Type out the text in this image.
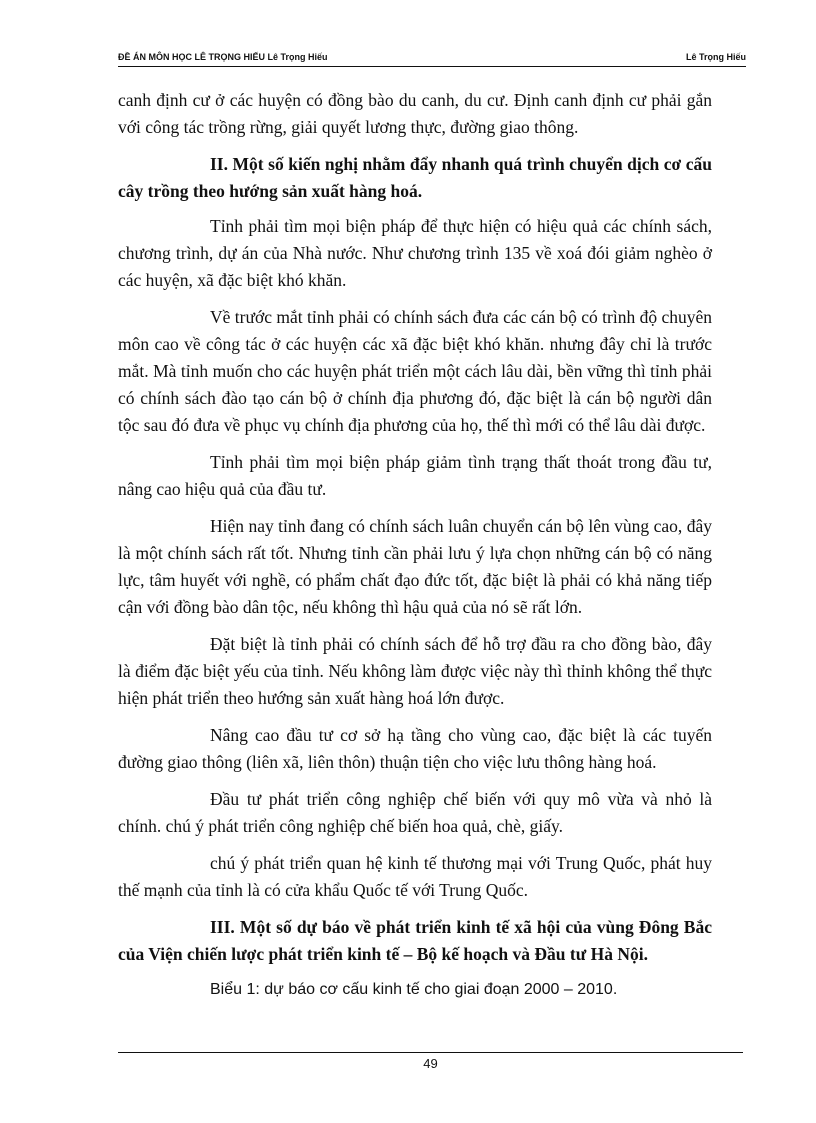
ĐỀ ÁN MÔN HỌC LÊ TRỌNG HIẾU Lê Trọng Hiếu	Lê Trọng Hiếu

canh định cư ở các huyện có đồng bào du canh, du cư. Định canh định cư phải gắn với công tác trồng rừng, giải quyết lương thực, đường giao thông.

II. Một số kiến nghị nhằm đẩy nhanh quá trình chuyển dịch cơ cấu cây trồng theo hướng sản xuất hàng hoá.

Tỉnh phải tìm mọi biện pháp để thực hiện có hiệu quả các chính sách, chương trình, dự án của Nhà nước. Như chương trình 135 về xoá đói giảm nghèo ở các huyện, xã đặc biệt khó khăn.

Về trước mắt tỉnh phải có chính sách đưa các cán bộ có trình độ chuyên môn cao về công tác ở các huyện các xã đặc biệt khó khăn. nhưng đây chỉ là trước mắt. Mà tỉnh muốn cho các huyện phát triển một cách lâu dài, bền vững thì tỉnh phải có chính sách đào tạo cán bộ ở chính địa phương đó, đặc biệt là cán bộ người dân tộc sau đó đưa về phục vụ chính địa phương của họ, thế thì mới có thể lâu dài được.

Tỉnh phải tìm mọi biện pháp giảm tình trạng thất thoát trong đầu tư, nâng cao hiệu quả của đầu tư.

Hiện nay tỉnh đang có chính sách luân chuyển cán bộ lên vùng cao, đây là một chính sách rất tốt. Nhưng tỉnh cần phải lưu ý lựa chọn những cán bộ có năng lực, tâm huyết với nghề, có phẩm chất đạo đức tốt, đặc biệt là phải có khả năng tiếp cận với đồng bào dân tộc, nếu không thì hậu quả của nó sẽ rất lớn.

Đặt biệt là tỉnh phải có chính sách để hỗ trợ đầu ra cho đồng bào, đây là điểm đặc biệt yếu của tỉnh. Nếu không làm được việc này thì thỉnh không thể thực hiện phát triển theo hướng sản xuất hàng hoá lớn được.

Nâng cao đầu tư cơ sở hạ tầng cho vùng cao, đặc biệt là các tuyến đường giao thông (liên xã, liên thôn) thuận tiện cho việc lưu thông hàng hoá.

Đầu tư phát triển công nghiệp chế biến với quy mô vừa và nhỏ là chính. chú ý phát triển công nghiệp chế biến hoa quả, chè, giấy.

chú ý phát triển quan hệ kinh tế thương mại với Trung Quốc, phát huy thế mạnh của tỉnh là có cửa khẩu Quốc tế với Trung Quốc.

III. Một số dự báo về phát triển kinh tế xã hội của vùng Đông Bắc của Viện chiến lược phát triển kinh tế – Bộ kế hoạch và Đầu tư Hà Nội.

Biểu 1: dự báo cơ cấu kinh tế cho giai đoạn 2000 – 2010.

49
